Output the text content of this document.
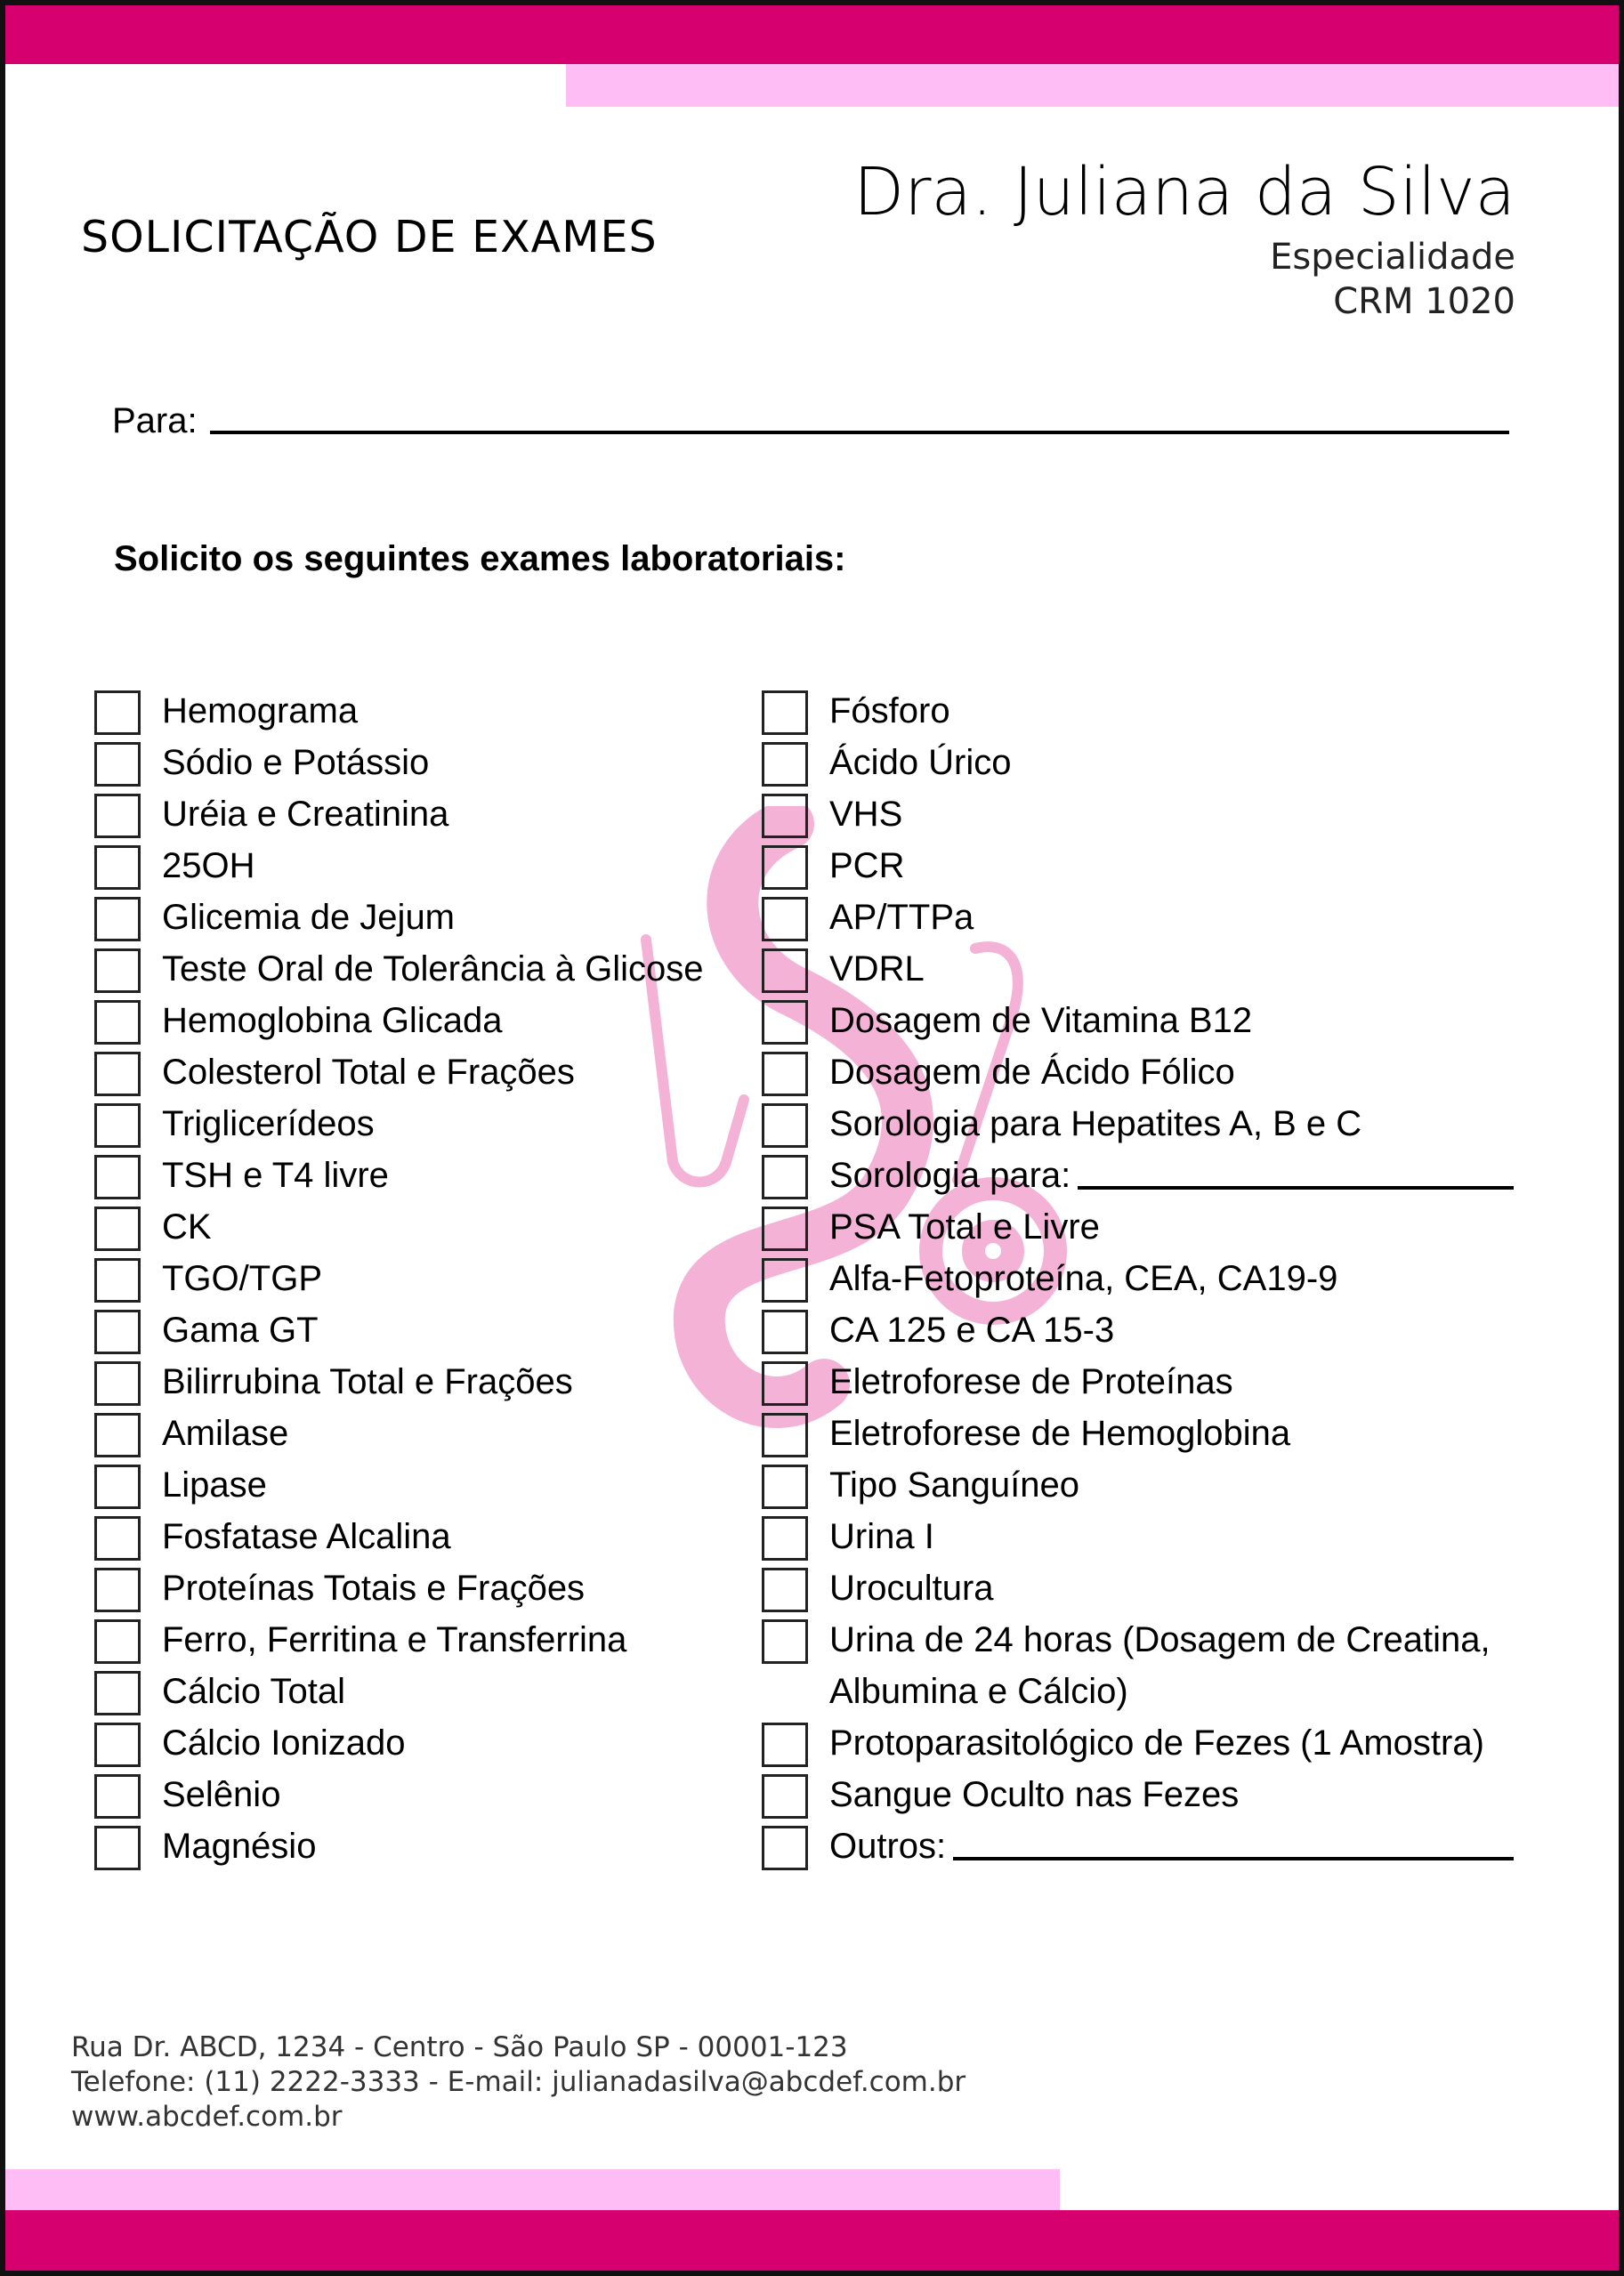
SOLICITAÇÃO DE EXAMES
Dra. Juliana da Silva
Especialidade
CRM 1020
Para:
Solicito os seguintes exames laboratoriais:
Hemograma
Sódio e Potássio
Uréia e Creatinina
25OH
Glicemia de Jejum
Teste Oral de Tolerância à Glicose
Hemoglobina Glicada
Colesterol Total e Frações
Triglicerídeos
TSH e T4 livre
CK
TGO/TGP
Gama GT
Bilirrubina Total e Frações
Amilase
Lipase
Fosfatase Alcalina
Proteínas Totais e Frações
Ferro, Ferritina e Transferrina
Cálcio Total
Cálcio Ionizado
Selênio
Magnésio
Fósforo
Ácido Úrico
VHS
PCR
AP/TTPa
VDRL
Dosagem de Vitamina B12
Dosagem de Ácido Fólico
Sorologia para Hepatites A, B e C
Sorologia para:
PSA Total e Livre
Alfa-Fetoproteína, CEA, CA19-9
CA 125 e CA 15-3
Eletroforese de Proteínas
Eletroforese de Hemoglobina
Tipo Sanguíneo
Urina I
Urocultura
Urina de 24 horas (Dosagem de Creatina, Albumina e Cálcio)
Protoparasitológico de Fezes (1 Amostra)
Sangue Oculto nas Fezes
Outros:
Rua Dr. ABCD, 1234 - Centro - São Paulo SP - 00001-123
Telefone: (11) 2222-3333 - E-mail: julianadasilva@abcdef.com.br
www.abcdef.com.br
